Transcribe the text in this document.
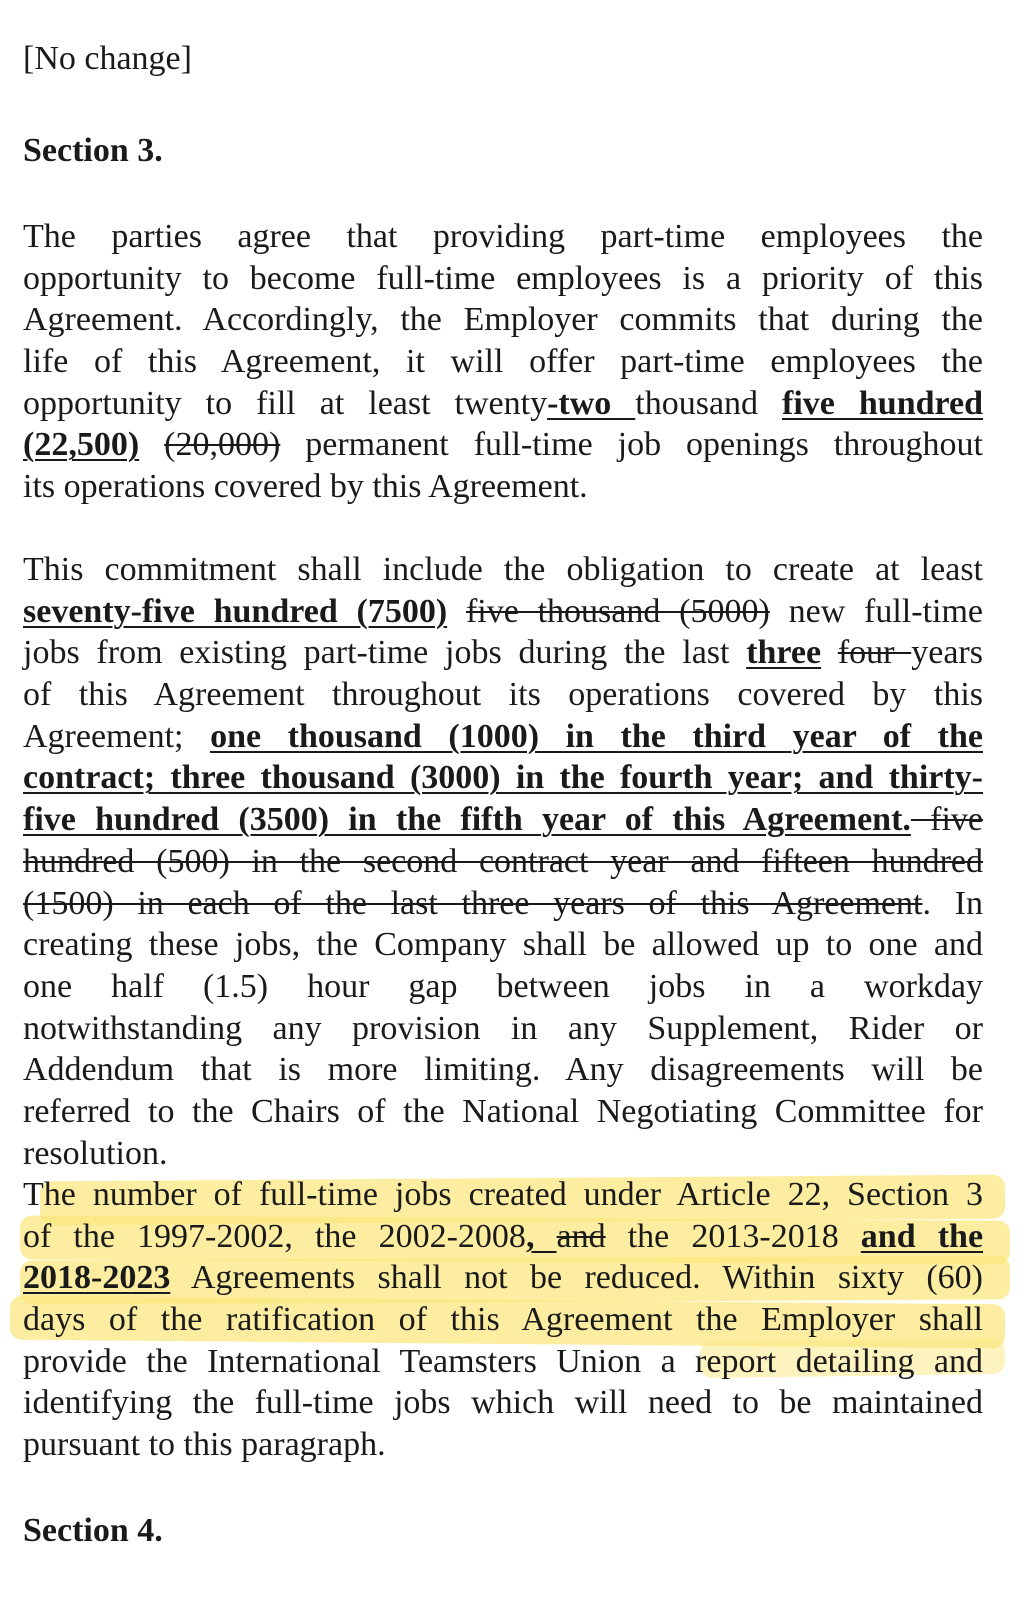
[No change]

Section 3.

The parties agree that providing part-time employees the
opportunity to become full-time employees is a priority of this
Agreement. Accordingly, the Employer commits that during the
life of this Agreement, it will offer part-time employees the
opportunity to fill at least twenty-two thousand five hundred
(22,500) (20,000) permanent full-time job openings throughout
its operations covered by this Agreement.
This commitment shall include the obligation to create at least
seventy-five hundred (7500) five thousand (5000) new full-time
jobs from existing part-time jobs during the last three four years
of this Agreement throughout its operations covered by this
Agreement; one thousand (1000) in the third year of the
contract; three thousand (3000) in the fourth year; and thirty-
five hundred (3500) in the fifth year of this Agreement. five
hundred (500) in the second contract year and fifteen hundred
(1500) in each of the last three years of this Agreement. In
creating these jobs, the Company shall be allowed up to one and
one half (1.5) hour gap between jobs in a workday
notwithstanding any provision in any Supplement, Rider or
Addendum that is more limiting. Any disagreements will be
referred to the Chairs of the National Negotiating Committee for
resolution.
The number of full-time jobs created under Article 22, Section 3
of the 1997-2002, the 2002-2008, and the 2013-2018 and the
2018-2023 Agreements shall not be reduced. Within sixty (60)
days of the ratification of this Agreement the Employer shall
provide the International Teamsters Union a report detailing and
identifying the full-time jobs which will need to be maintained
pursuant to this paragraph.

Section 4.
